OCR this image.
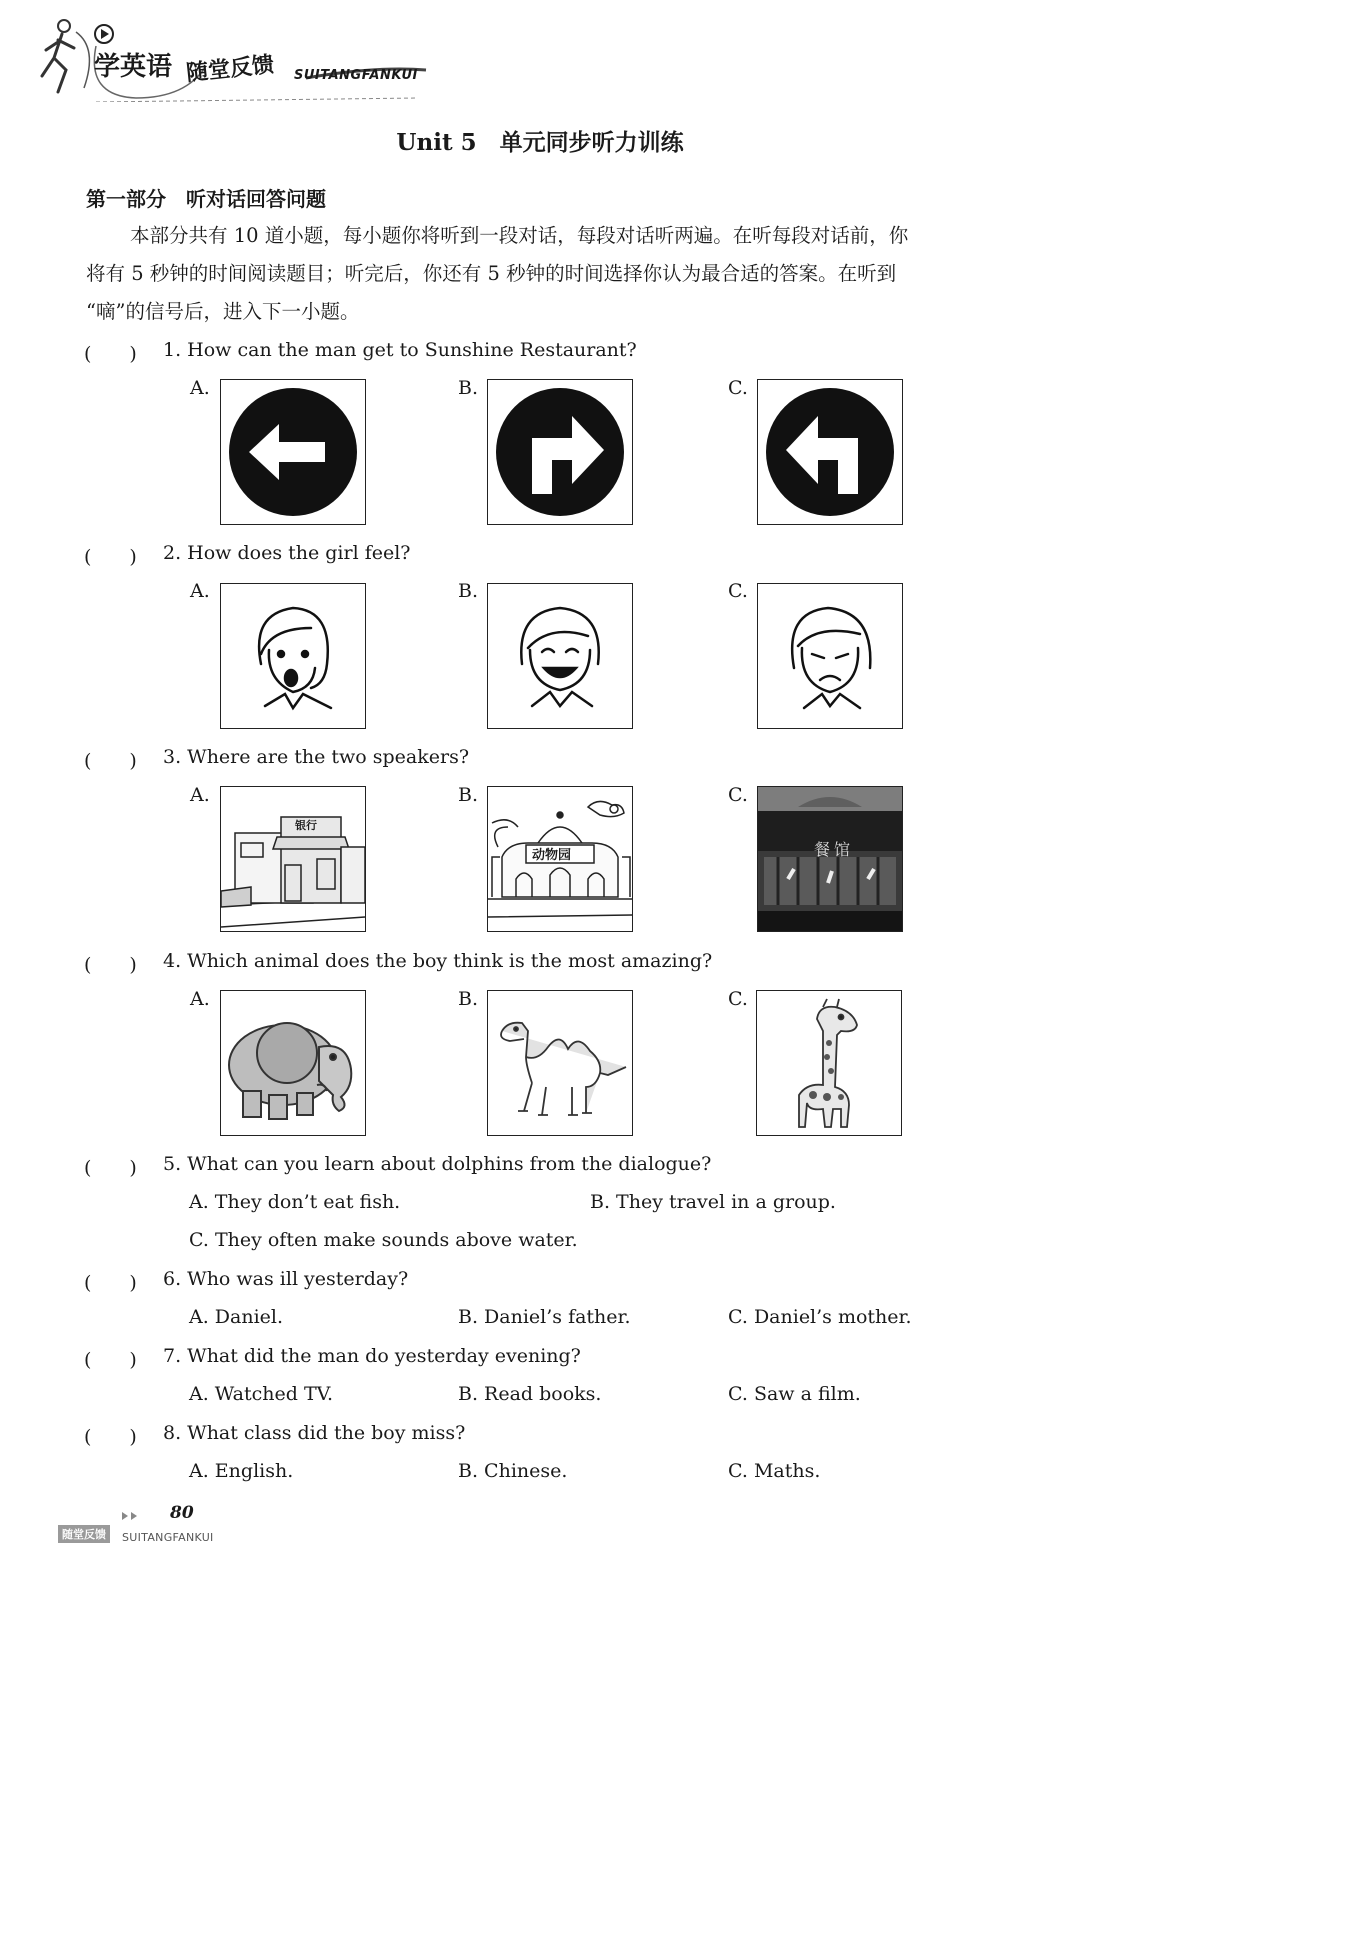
学英语 随堂反馈 SUITANGFANKUI
Unit 5　单元同步听力训练
第一部分　听对话回答问题
本部分共有 10 道小题，每小题你将听到一段对话，每段对话听两遍。在听每段对话前，你
将有 5 秒钟的时间阅读题目；听完后，你还有 5 秒钟的时间选择你认为最合适的答案。在听到
“嘀”的信号后，进入下一小题。
(　　) 1. How can the man get to Sunshine Restaurant?
A.	B.	C.
(　　) 2. How does the girl feel?
A.	B.	C.
(　　) 3. Where are the two speakers?
A.	B.	C.
银行
动物园	餐馆
(　　) 4. Which animal does the boy think is the most amazing?
A.	B.	C.
(　　) 5. What can you learn about dolphins from the dialogue?
A. They don’t eat fish.	B. They travel in a group.
C. They often make sounds above water.
(　　) 6. Who was ill yesterday?
A. Daniel.	B. Daniel’s father.	C. Daniel’s mother.
(　　) 7. What did the man do yesterday evening?
A. Watched TV.	B. Read books.	C. Saw a film.
(　　) 8. What class did the boy miss?
A. English.	B. Chinese.	C. Maths.
80
随堂反馈	SUITANGFANKUI
